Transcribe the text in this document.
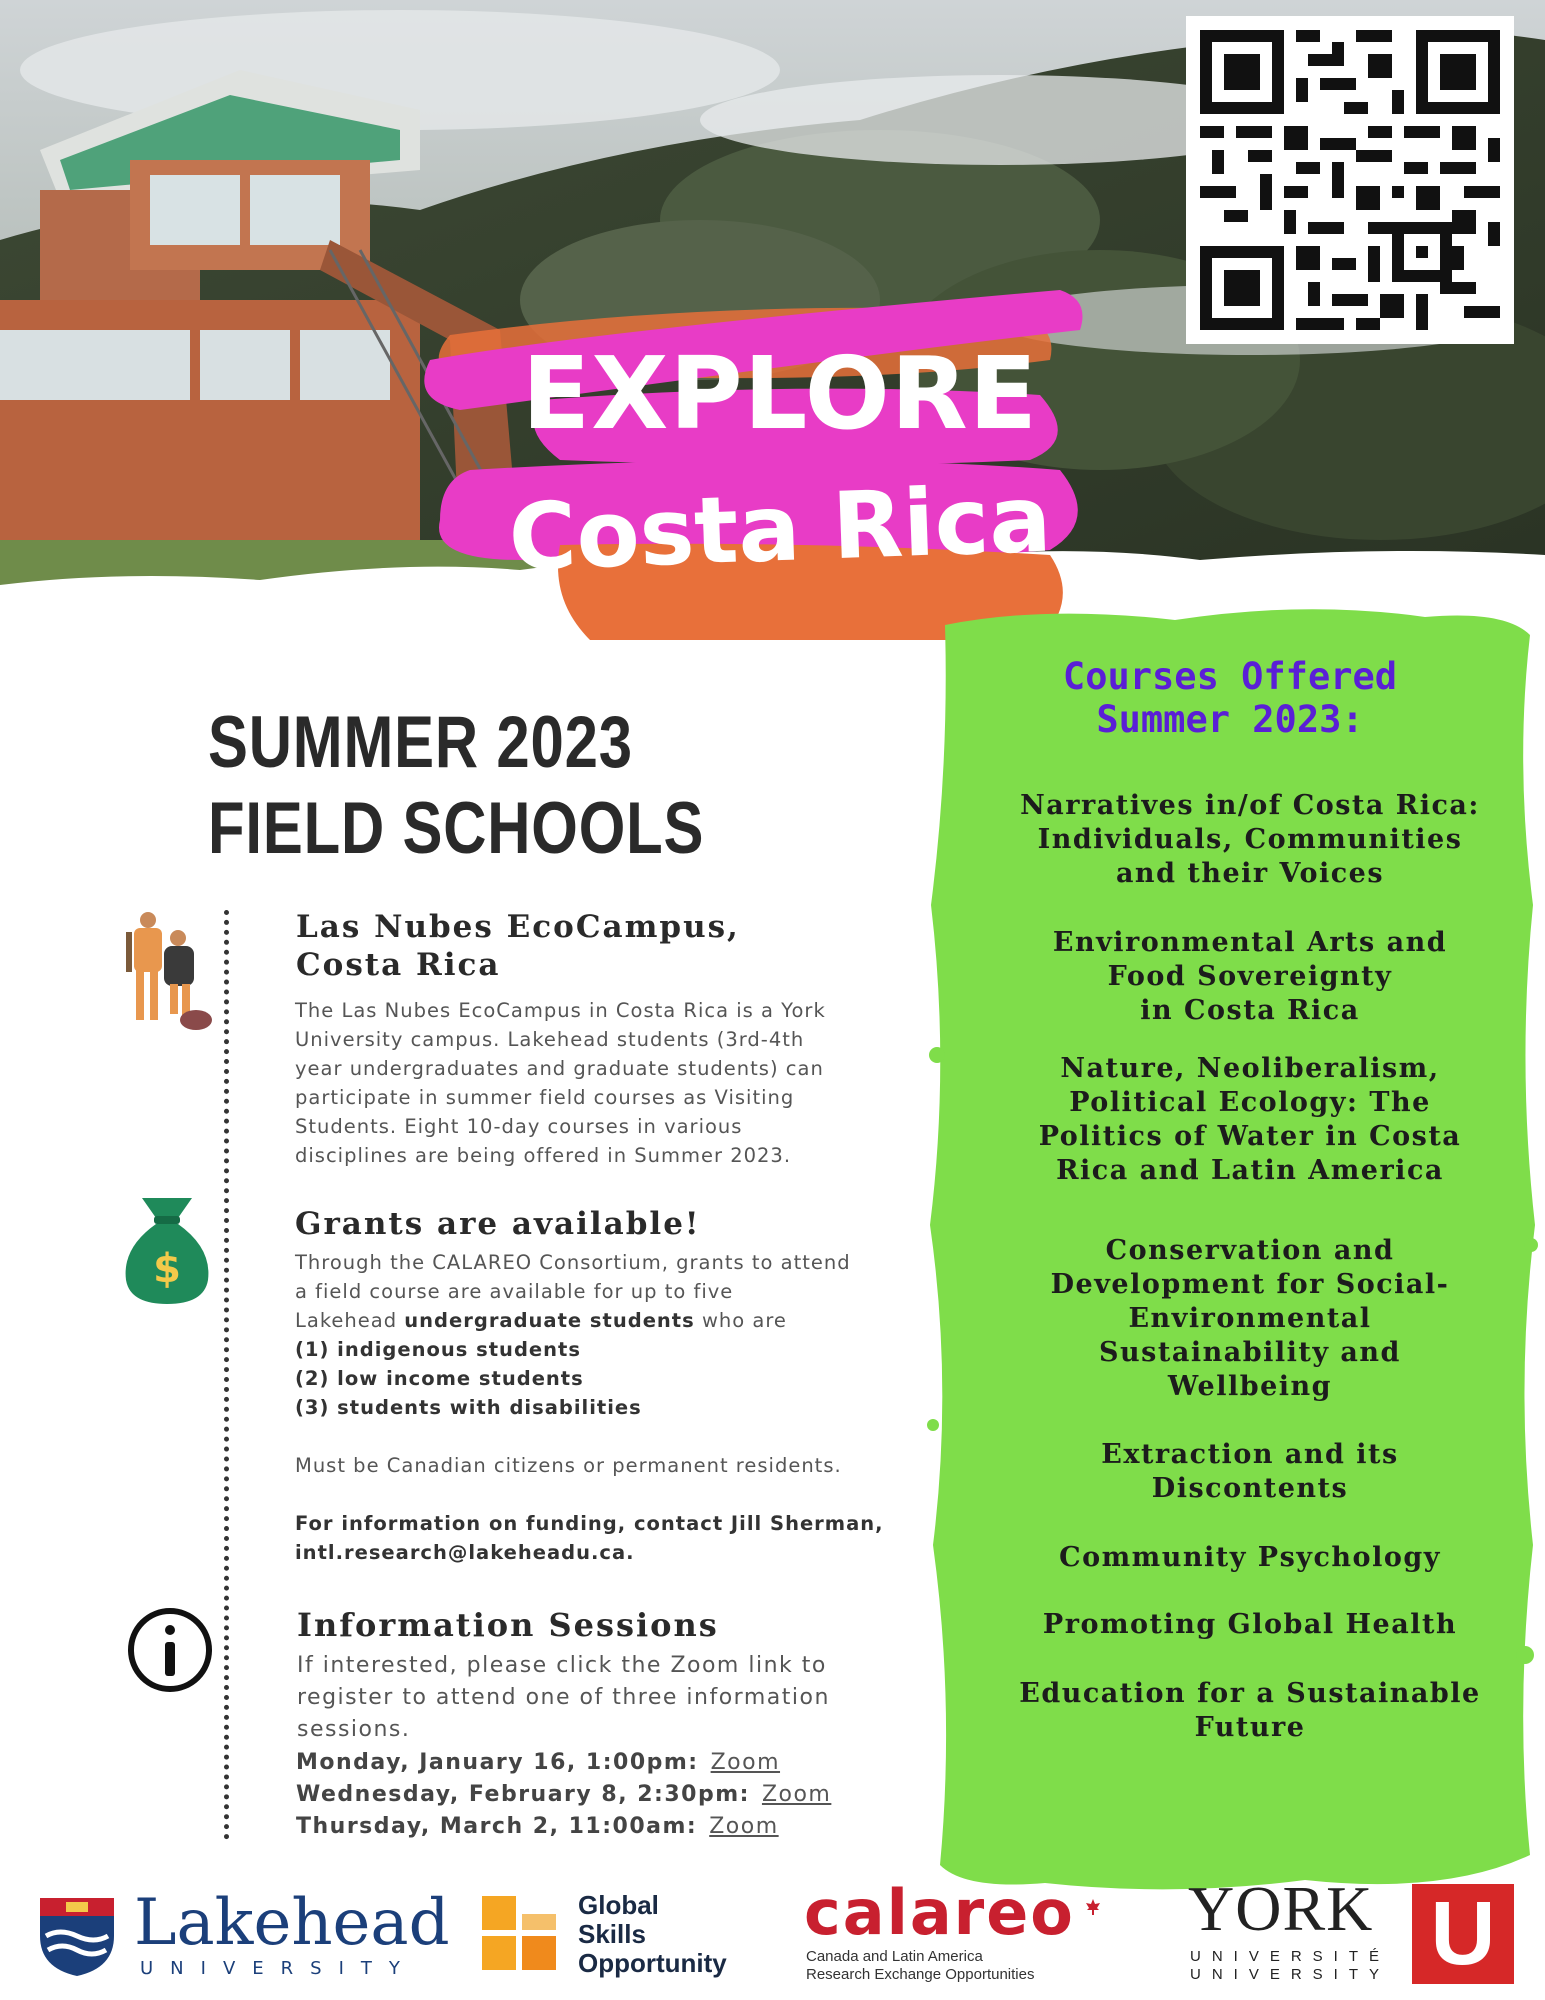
EXPLORE
Costa Rica
SUMMER 2023
FIELD SCHOOLS
Las Nubes EcoCampus,
Costa Rica
The Las Nubes EcoCampus in Costa Rica is a York
University campus. Lakehead students (3rd-4th
year undergraduates and graduate students) can
participate in summer field courses as Visiting
Students. Eight 10-day courses in various
disciplines are being offered in Summer 2023.
$
Grants are available!
Through the CALAREO Consortium, grants to attend
a field course are available for up to five
Lakehead undergraduate students who are
(1) indigenous students
(2) low income students
(3) students with disabilities
Must be Canadian citizens or permanent residents.
For information on funding, contact Jill Sherman,
intl.research@lakeheadu.ca.
Information Sessions
If interested, please click the Zoom link to
register to attend one of three information
sessions.
Monday, January 16, 1:00pm: Zoom
Wednesday, February 8, 2:30pm: Zoom
Thursday, March 2, 11:00am: Zoom
Courses Offered
Summer 2023:
Narratives in/of Costa Rica:
Individuals, Communities
and their Voices
Environmental Arts and
Food Sovereignty
in Costa Rica
Nature, Neoliberalism,
Political Ecology: The
Politics of Water in Costa
Rica and Latin America
Conservation and
Development for Social-
Environmental
Sustainability and
Wellbeing
Extraction and its
Discontents
Community Psychology
Promoting Global Health
Education for a Sustainable
Future
Lakehead
UNIVERSITY
Global
Skills
Opportunity
calareo
Canada and Latin America
Research Exchange Opportunities
YORK
UNIVERSITÉ
UNIVERSITY U
